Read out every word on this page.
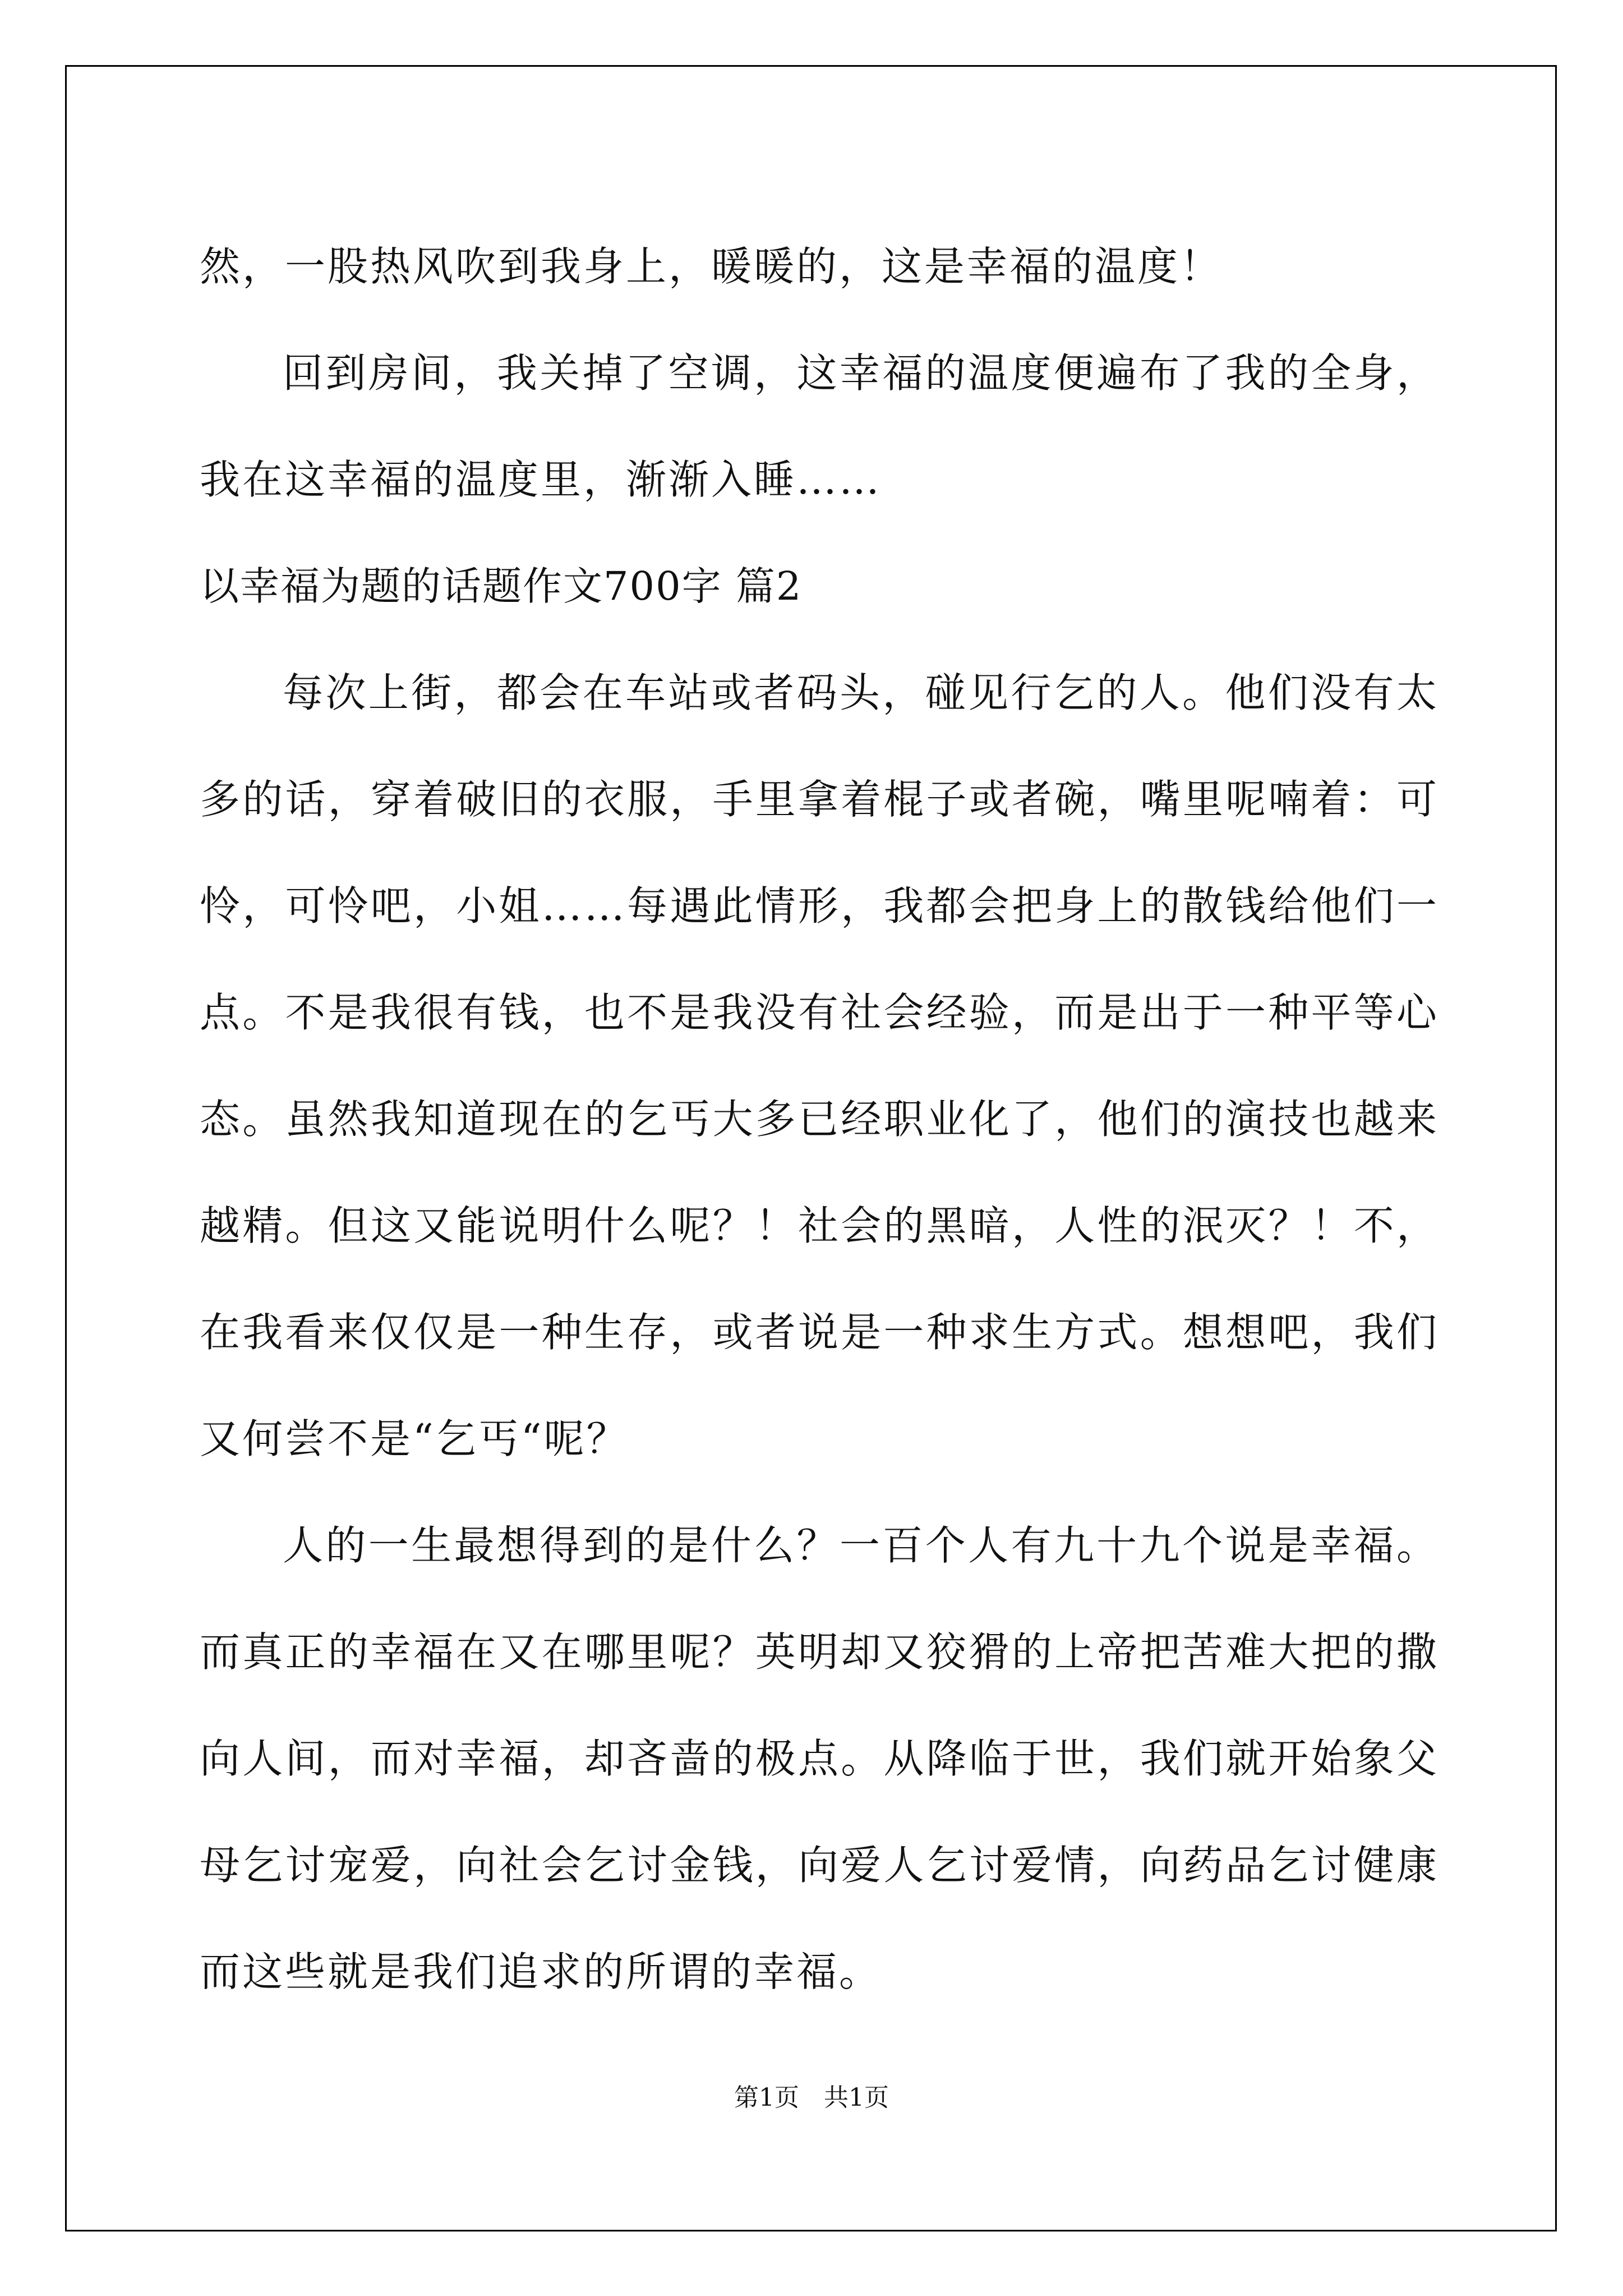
然，一股热风吹到我身上，暖暖的，这是幸福的温度！

回到房间，我关掉了空调，这幸福的温度便遍布了我的全身，我在这幸福的温度里，渐渐入睡……

以幸福为题的话题作文700字 篇2

每次上街，都会在车站或者码头，碰见行乞的人。他们没有太多的话，穿着破旧的衣服，手里拿着棍子或者碗，嘴里呢喃着：可怜，可怜吧，小姐……每遇此情形，我都会把身上的散钱给他们一点。不是我很有钱，也不是我没有社会经验，而是出于一种平等心态。虽然我知道现在的乞丐大多已经职业化了，他们的演技也越来越精。但这又能说明什么呢？！社会的黑暗，人性的泯灭？！不，在我看来仅仅是一种生存，或者说是一种求生方式。想想吧，我们又何尝不是“乞丐“呢？

人的一生最想得到的是什么？一百个人有九十九个说是幸福。而真正的幸福在又在哪里呢？英明却又狡猾的上帝把苦难大把的撒向人间，而对幸福，却吝啬的极点。从降临于世，我们就开始象父母乞讨宠爱，向社会乞讨金钱，向爱人乞讨爱情，向药品乞讨健康而这些就是我们追求的所谓的幸福。

第1页　共1页
